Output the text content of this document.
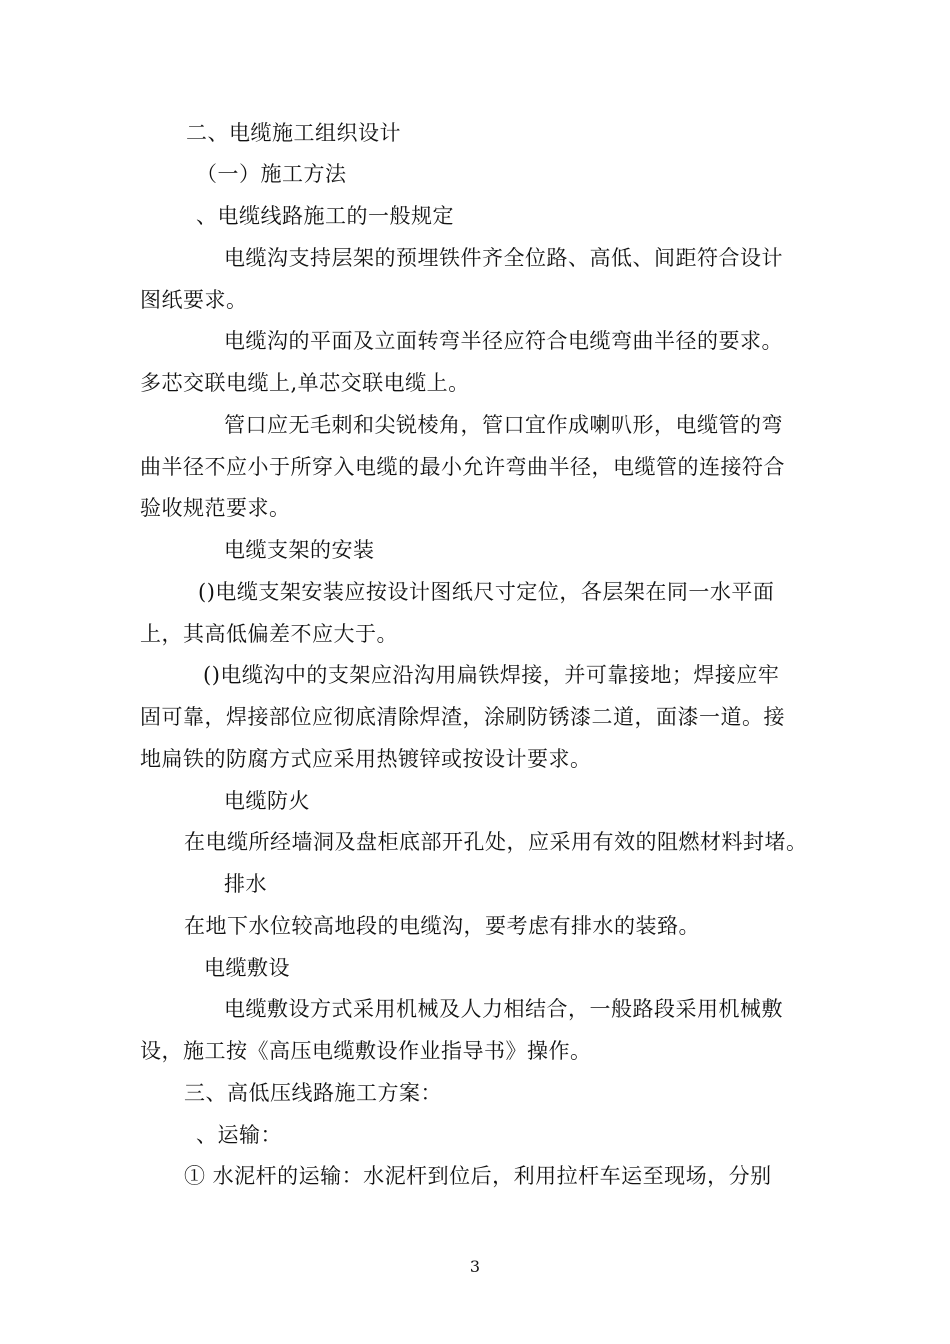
二、电缆施工组织设计
（一）施工方法
、电缆线路施工的一般规定
电缆沟支持层架的预埋铁件齐全位路、高低、间距符合设计
图纸要求。
电缆沟的平面及立面转弯半径应符合电缆弯曲半径的要求。
多芯交联电缆上,单芯交联电缆上。
管口应无毛刺和尖锐棱角，管口宜作成喇叭形，电缆管的弯
曲半径不应小于所穿入电缆的最小允许弯曲半径，电缆管的连接符合
验收规范要求。
电缆支架的安装
()电缆支架安装应按设计图纸尺寸定位，各层架在同一水平面
上，其高低偏差不应大于。
()电缆沟中的支架应沿沟用扁铁焊接，并可靠接地；焊接应牢
固可靠，焊接部位应彻底清除焊渣，涂刷防锈漆二道，面漆一道。接
地扁铁的防腐方式应采用热镀锌或按设计要求。
电缆防火
在电缆所经墙洞及盘柜底部开孔处，应采用有效的阻燃材料封堵。
排水
在地下水位较高地段的电缆沟，要考虑有排水的装臵。
电缆敷设
电缆敷设方式采用机械及人力相结合，一般路段采用机械敷
设，施工按《高压电缆敷设作业指导书》操作。
三、高低压线路施工方案：
、运输：
① 水泥杆的运输：水泥杆到位后，利用拉杆车运至现场，分别
3
